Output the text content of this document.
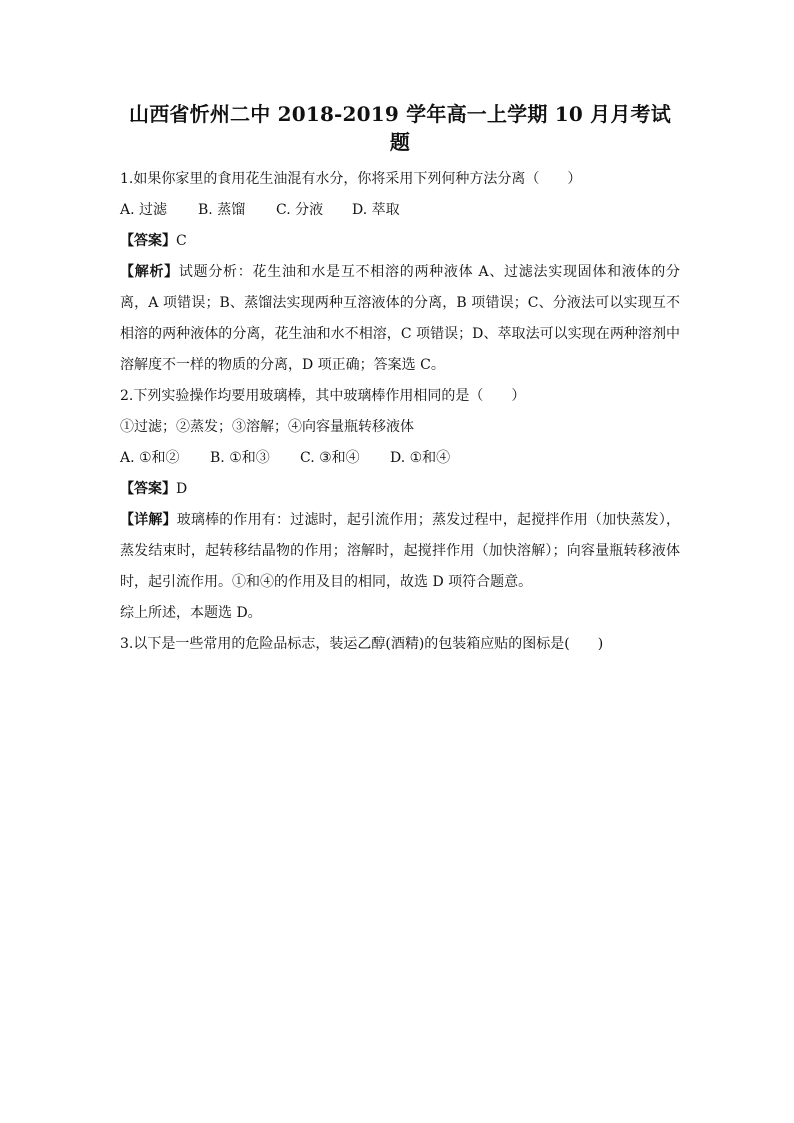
山西省忻州二中 2018-2019 学年高一上学期 10 月月考试题

1.如果你家里的食用花生油混有水分，你将采用下列何种方法分离（　　）

A. 过滤 B. 蒸馏 C. 分液 D. 萃取

【答案】C

【解析】试题分析：花生油和水是互不相溶的两种液体 A、过滤法实现固体和液体的分离，A 项错误；B、蒸馏法实现两种互溶液体的分离，B 项错误；C、分液法可以实现互不相溶的两种液体的分离，花生油和水不相溶，C 项错误；D、萃取法可以实现在两种溶剂中溶解度不一样的物质的分离，D 项正确；答案选 C。

2.下列实验操作均要用玻璃棒，其中玻璃棒作用相同的是（　　）

①过滤；②蒸发；③溶解；④向容量瓶转移液体

A. ①和② B. ①和③ C. ③和④ D. ①和④

【答案】D

【详解】玻璃棒的作用有：过滤时，起引流作用；蒸发过程中，起搅拌作用（加快蒸发），蒸发结束时，起转移结晶物的作用；溶解时，起搅拌作用（加快溶解）；向容量瓶转移液体时，起引流作用。①和④的作用及目的相同，故选 D 项符合题意。

综上所述，本题选 D。

3.以下是一些常用的危险品标志，装运乙醇(酒精)的包装箱应贴的图标是(　　)
